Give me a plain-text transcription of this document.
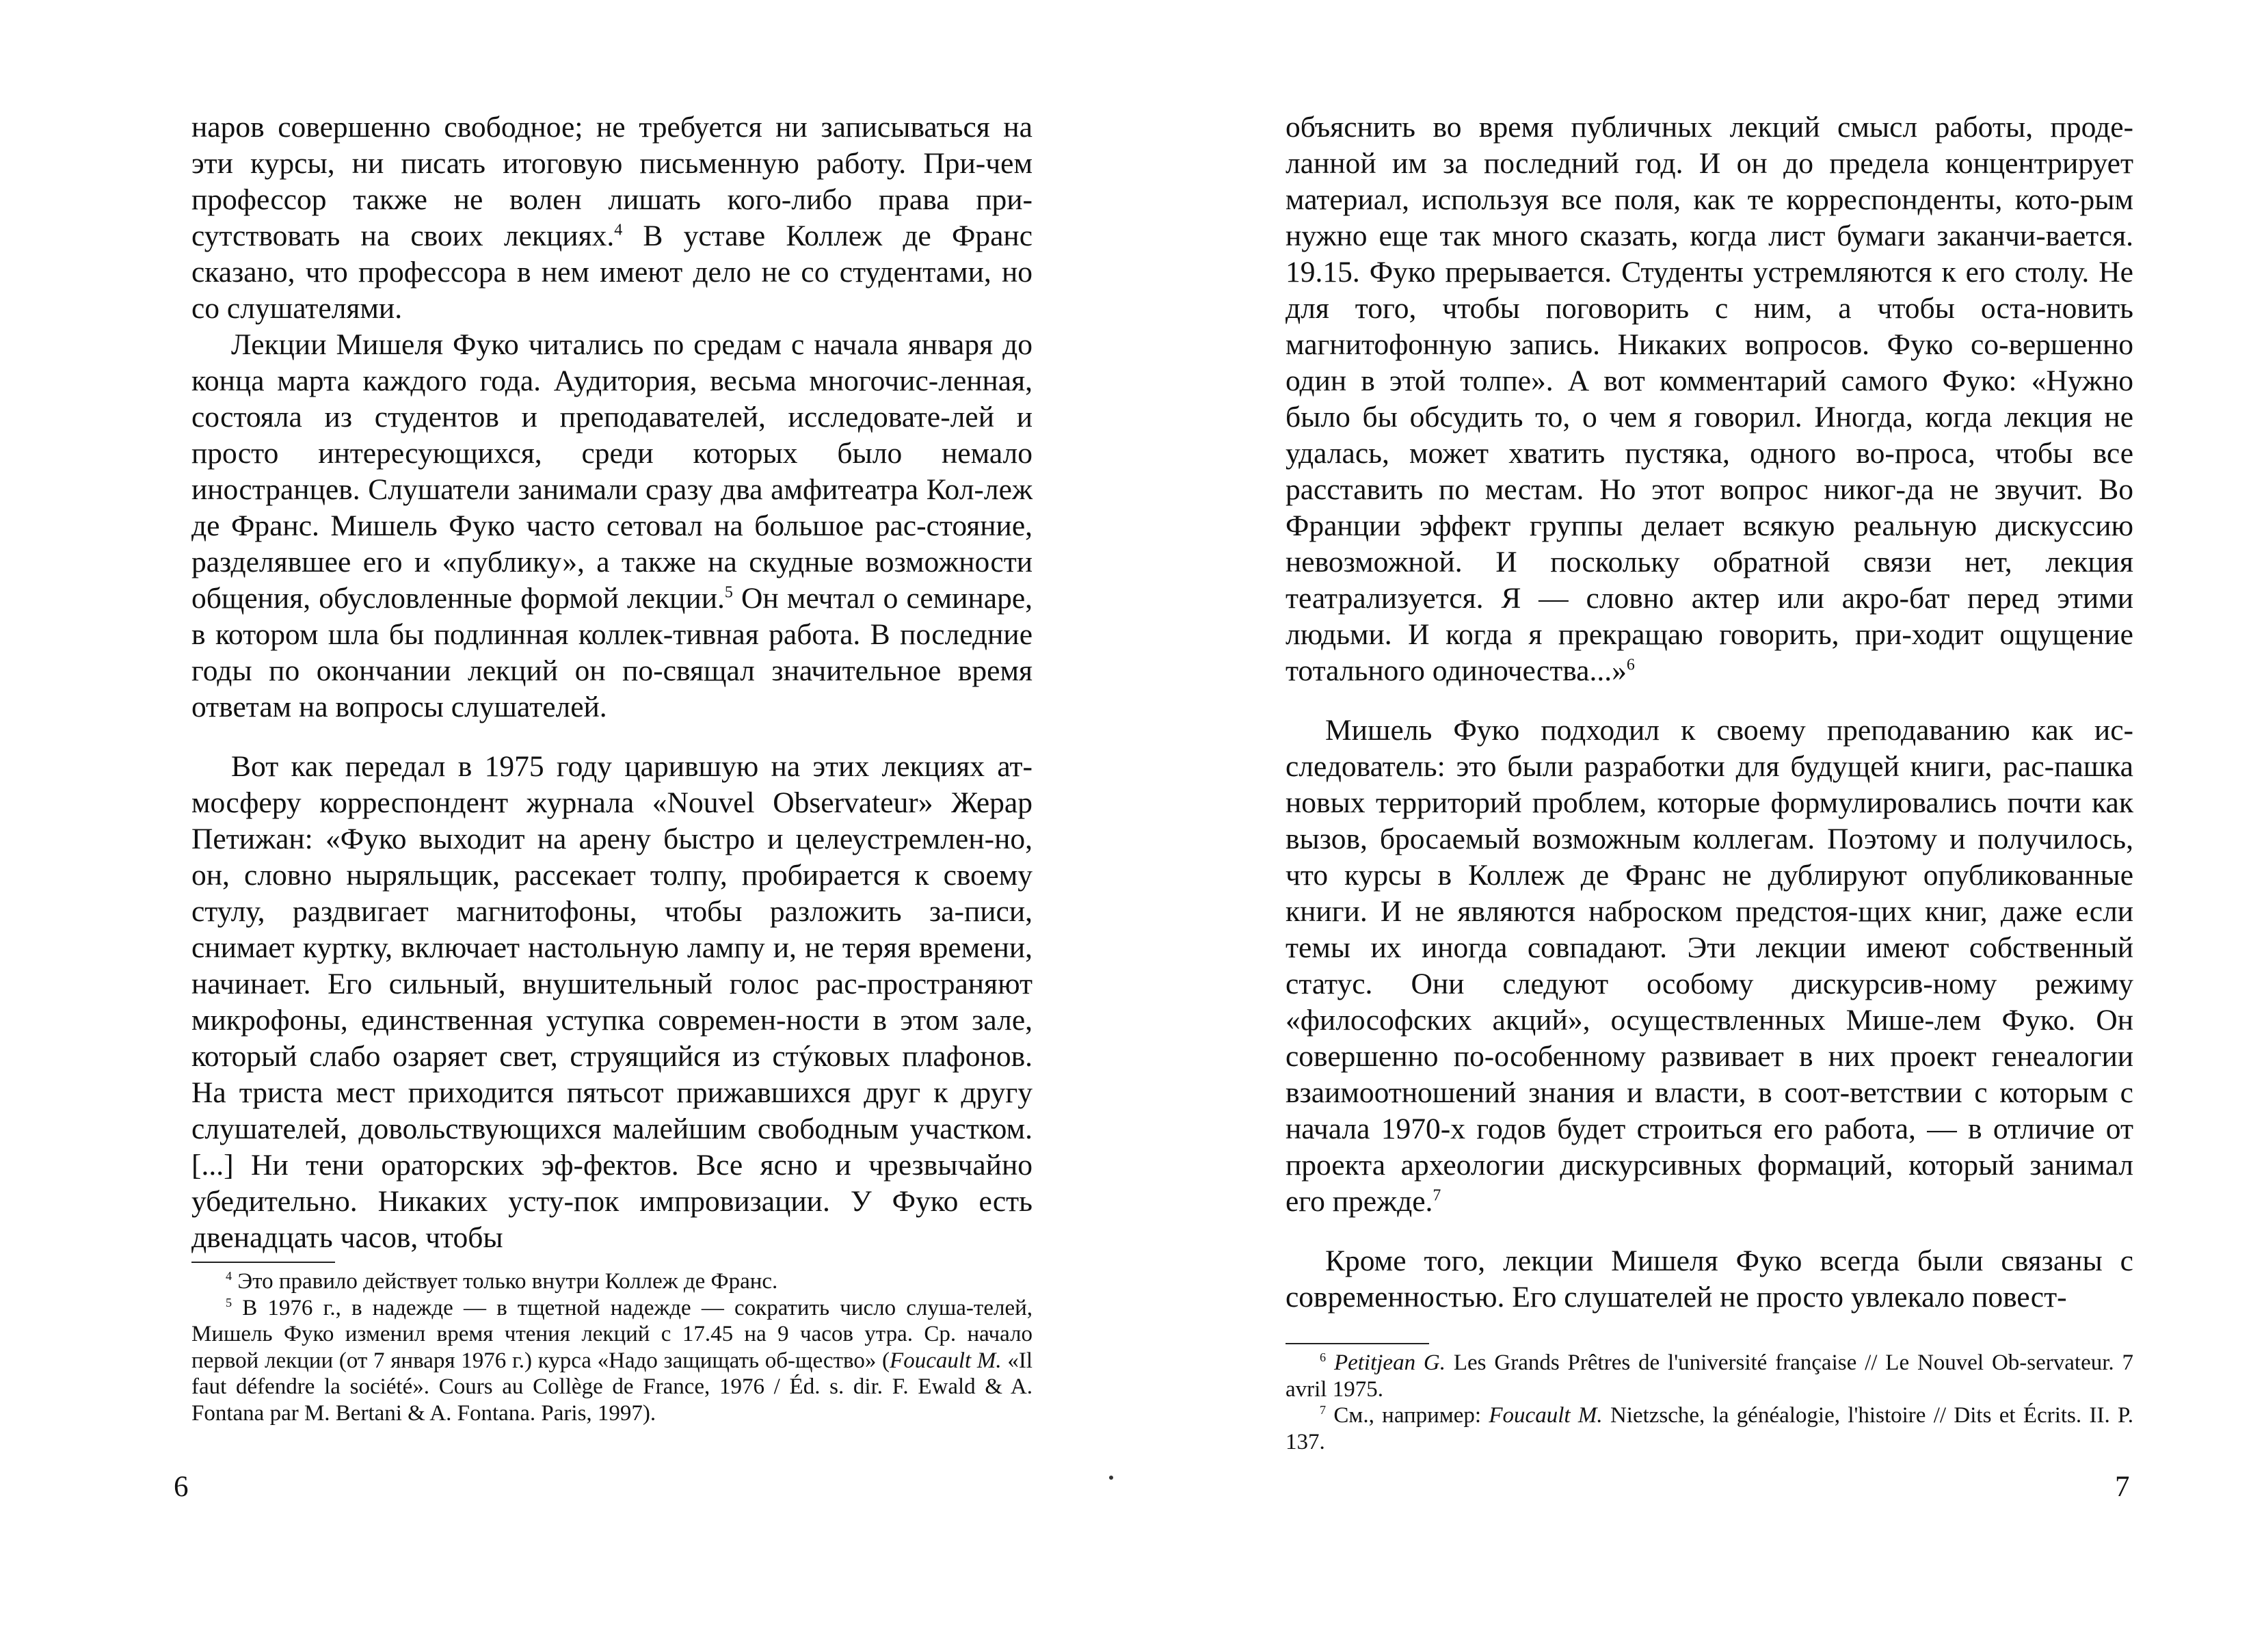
наров совершенно свободное; не требуется ни записываться на эти курсы, ни писать итоговую письменную работу. При-чем профессор также не волен лишать кого-либо права при-сутствовать на своих лекциях.$^4$ В уставе Коллеж де Франс сказано, что профессора в нем имеют дело не со студентами, но со слушателями.

Лекции Мишеля Фуко читались по средам с начала января до конца марта каждого года. Аудитория, весьма многочис-ленная, состояла из студентов и преподавателей, исследовате-лей и просто интересующихся, среди которых было немало иностранцев. Слушатели занимали сразу два амфитеатра Кол-леж де Франс. Мишель Фуко часто сетовал на большое рас-стояние, разделявшее его и «публику», а также на скудные возможности общения, обусловленные формой лекции.$^5$ Он мечтал о семинаре, в котором шла бы подлинная коллек-тивная работа. В последние годы по окончании лекций он по-свящал значительное время ответам на вопросы слушателей.

Вот как передал в 1975 году царившую на этих лекциях ат-мосферу корреспондент журнала «Nouvel Observateur» Жерар Петижан: «Фуко выходит на арену быстро и целеустремлен-но, он, словно ныряльщик, рассекает толпу, пробирается к своему стулу, раздвигает магнитофоны, чтобы разложить за-писи, снимает куртку, включает настольную лампу и, не теряя времени, начинает. Его сильный, внушительный голос рас-пространяют микрофоны, единственная уступка современ-ности в этом зале, который слабо озаряет свет, струящийся из стýковых плафонов. На триста мест приходится пятьсот прижавшихся друг к другу слушателей, довольствующихся малейшим свободным участком. [...] Ни тени ораторских эф-фектов. Все ясно и чрезвычайно убедительно. Никаких усту-пок импровизации. У Фуко есть двенадцать часов, чтобы

$^4$ Это правило действует только внутри Коллеж де Франс.

$^5$ В 1976 г., в надежде — в тщетной надежде — сократить число слуша-телей, Мишель Фуко изменил время чтения лекций с 17.45 на 9 часов утра. Ср. начало первой лекции (от 7 января 1976 г.) курса «Надо защищать об-щество» (Foucault M. «Il faut défendre la société». Cours au Collège de France, 1976 / Éd. s. dir. F. Ewald & A. Fontana par M. Bertani & A. Fontana. Paris, 1997).

6

объяснить во время публичных лекций смысл работы, проде-ланной им за последний год. И он до предела концентрирует материал, используя все поля, как те корреспонденты, кото-рым нужно еще так много сказать, когда лист бумаги заканчи-вается. 19.15. Фуко прерывается. Студенты устремляются к его столу. Не для того, чтобы поговорить с ним, а чтобы оста-новить магнитофонную запись. Никаких вопросов. Фуко со-вершенно один в этой толпе». А вот комментарий самого Фуко: «Нужно было бы обсудить то, о чем я говорил. Иногда, когда лекция не удалась, может хватить пустяка, одного во-проса, чтобы все расставить по местам. Но этот вопрос никог-да не звучит. Во Франции эффект группы делает всякую реальную дискуссию невозможной. И поскольку обратной связи нет, лекция театрализуется. Я — словно актер или акро-бат перед этими людьми. И когда я прекращаю говорить, при-ходит ощущение тотального одиночества...»$^6$

Мишель Фуко подходил к своему преподаванию как ис-следователь: это были разработки для будущей книги, рас-пашка новых территорий проблем, которые формулировались почти как вызов, бросаемый возможным коллегам. Поэтому и получилось, что курсы в Коллеж де Франс не дублируют опубликованные книги. И не являются наброском предстоя-щих книг, даже если темы их иногда совпадают. Эти лекции имеют собственный статус. Они следуют особому дискурсив-ному режиму «философских акций», осуществленных Мише-лем Фуко. Он совершенно по-особенному развивает в них проект генеалогии взаимоотношений знания и власти, в соот-ветствии с которым с начала 1970-х годов будет строиться его работа, — в отличие от проекта археологии дискурсивных формаций, который занимал его прежде.$^7$

Кроме того, лекции Мишеля Фуко всегда были связаны с современностью. Его слушателей не просто увлекало повест-

$^6$ Petitjean G. Les Grands Prêtres de l'université française // Le Nouvel Ob-servateur. 7 avril 1975.

$^7$ См., например: Foucault M. Nietzsche, la généalogie, l'histoire // Dits et Écrits. II. P. 137.

7
